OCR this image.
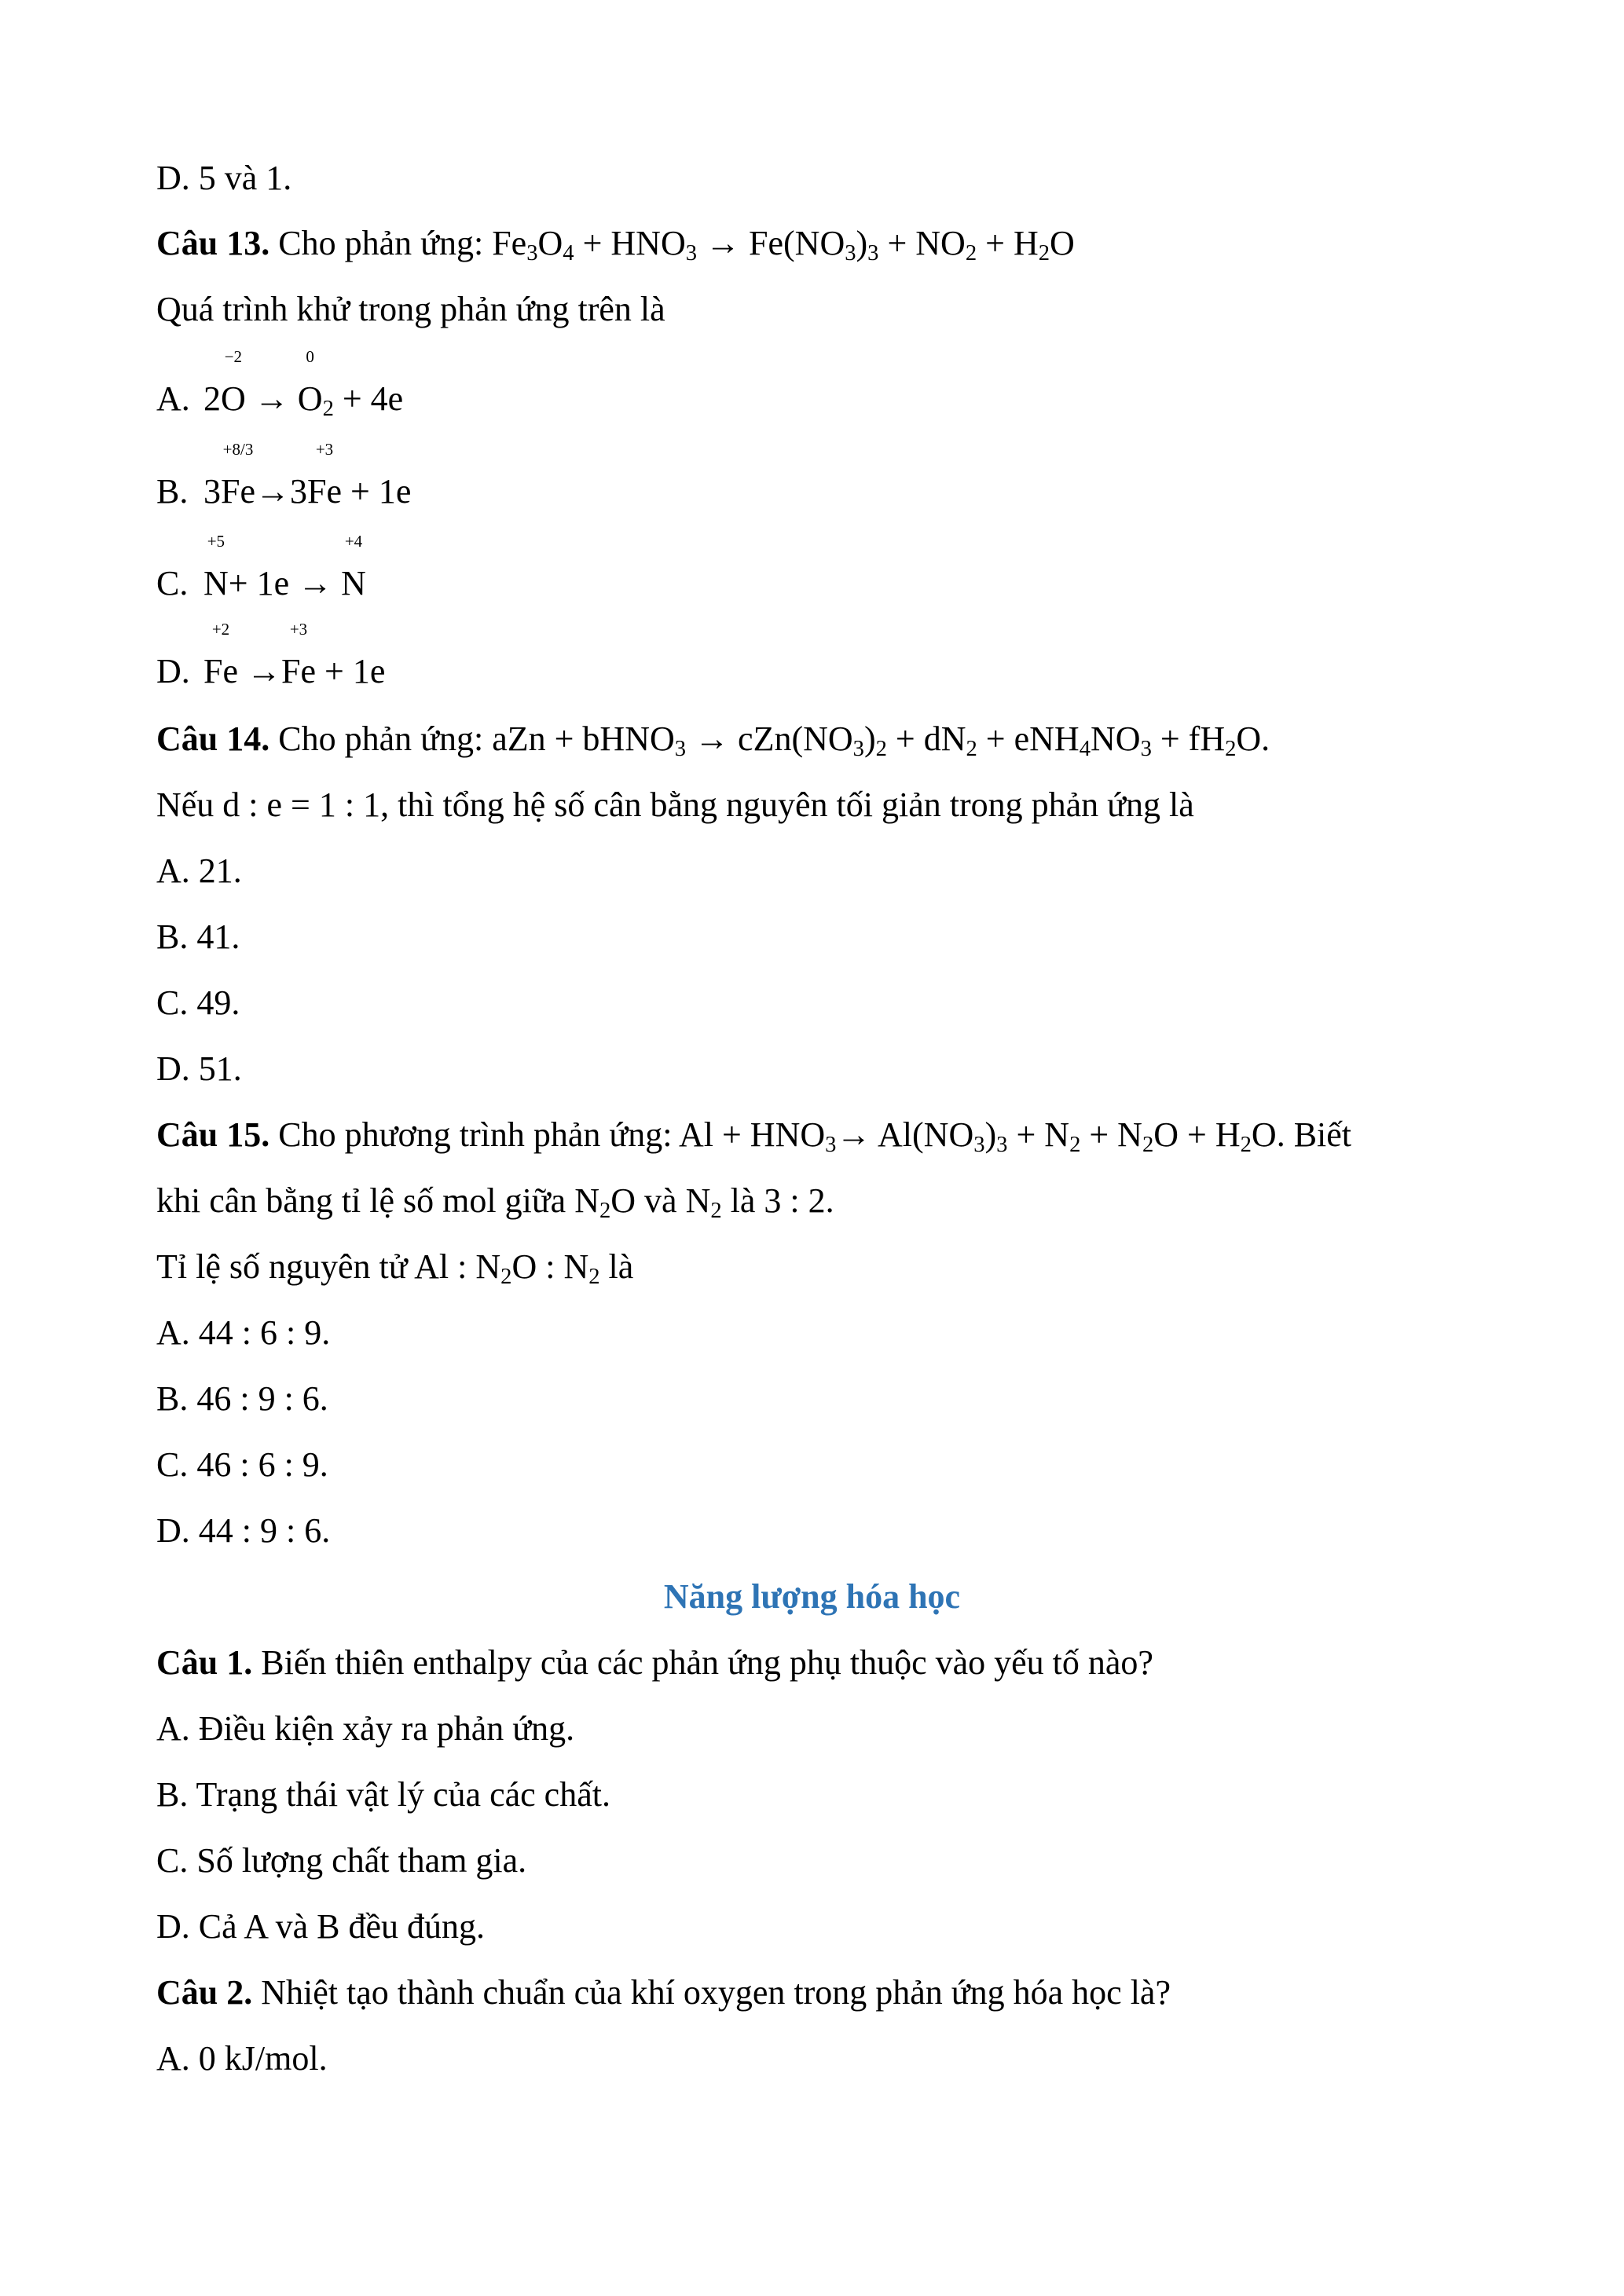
D. 5 và 1.
Câu 13. Cho phản ứng: $Fe_3O_4 + HNO_3 \to Fe(NO_3)_3 + NO_2 + H_2O$
Quá trình khử trong phản ứng trên là
A. 2
−2
O →
0
$O_2 + 4e$
B. 3
+8/3
Fe→3
+3
Fe + 1e
C.
+5
N+ 1e →
+4
N
D.
+2
Fe →
+3
Fe + 1e
Câu 14. Cho phản ứng: aZn + bHNO$_3$ → $cZn(NO_3)_2 + dN_2 + eNH_4NO_3 + fH_2O$.
Nếu d : e = 1 : 1, thì tổng hệ số cân bằng nguyên tối giản trong phản ứng là
A. 21.
B. 41.
C. 49.
D. 51.
Câu 15. Cho phương trình phản ứng: $Al + HNO_3\to Al(NO_3)_3 + N_2 + N_2O + H_2O$. Biết
khi cân bằng tỉ lệ số mol giữa $N_2O$ và $N_2$ là 3 : 2.
Tỉ lệ số nguyên tử Al : $N_2O$ : $N_2$ là
A. 44 : 6 : 9.
B. 46 : 9 : 6.
C. 46 : 6 : 9.
D. 44 : 9 : 6.
Năng lượng hóa học
Câu 1. Biến thiên enthalpy của các phản ứng phụ thuộc vào yếu tố nào?
A. Điều kiện xảy ra phản ứng.
B. Trạng thái vật lý của các chất.
C. Số lượng chất tham gia.
D. Cả A và B đều đúng.
Câu 2. Nhiệt tạo thành chuẩn của khí oxygen trong phản ứng hóa học là?
A. 0 kJ/mol.
